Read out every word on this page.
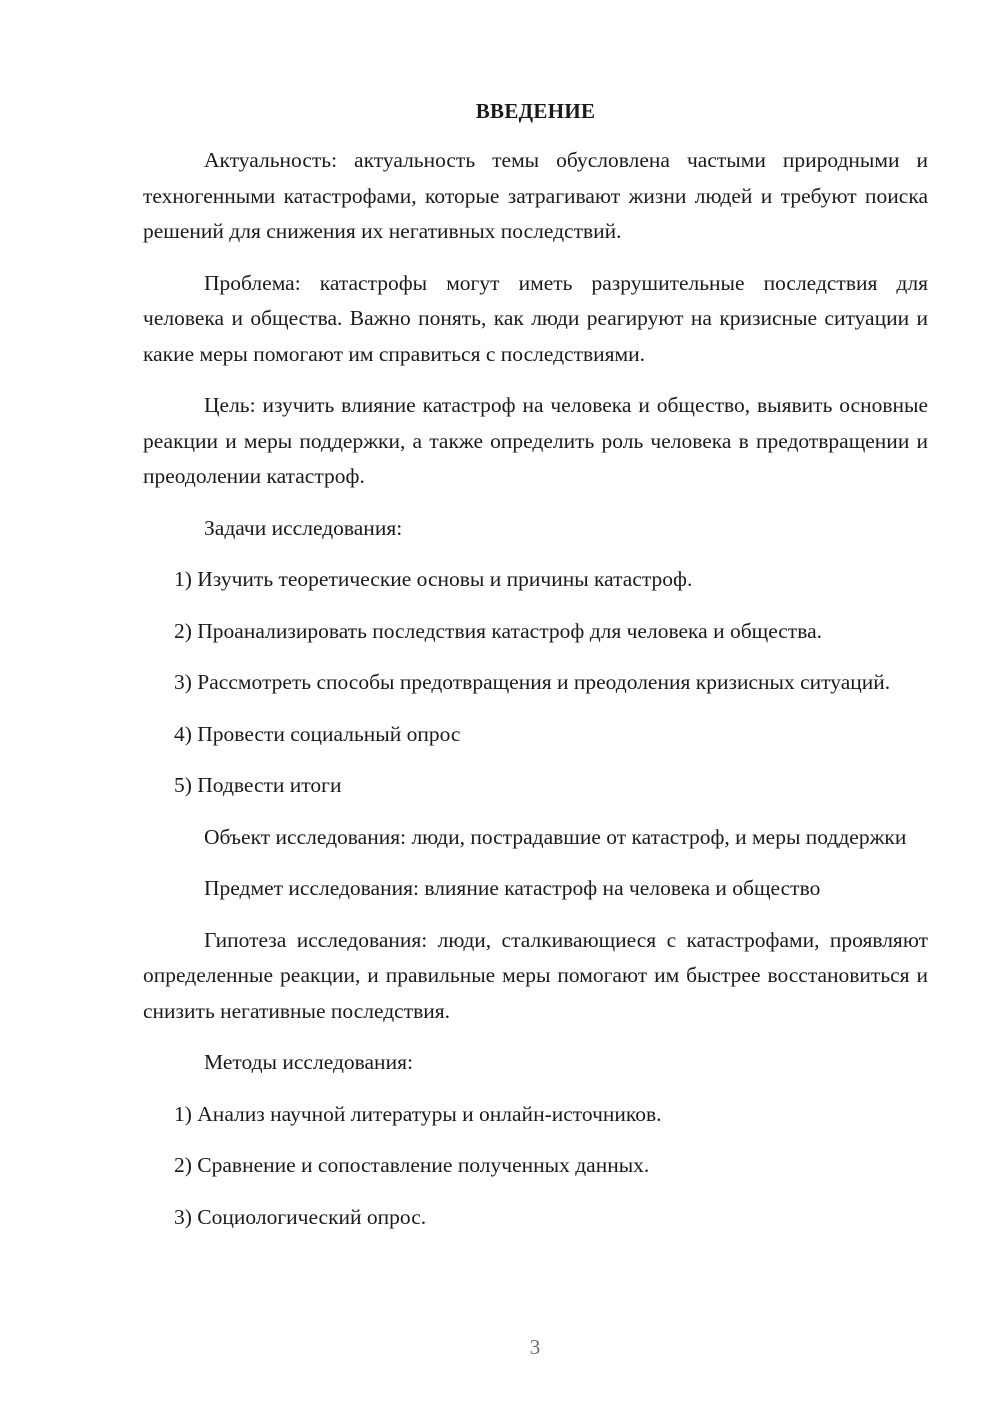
ВВЕДЕНИЕ

Актуальность: актуальность темы обусловлена частыми природными и техногенными катастрофами, которые затрагивают жизни людей и требуют поиска решений для снижения их негативных последствий.

Проблема: катастрофы могут иметь разрушительные последствия для человека и общества. Важно понять, как люди реагируют на кризисные ситуации и какие меры помогают им справиться с последствиями.

Цель: изучить влияние катастроф на человека и общество, выявить основные реакции и меры поддержки, а также определить роль человека в предотвращении и преодолении катастроф.

Задачи исследования:

1) Изучить теоретические основы и причины катастроф.

2) Проанализировать последствия катастроф для человека и общества.

3) Рассмотреть способы предотвращения и преодоления кризисных ситуаций.

4) Провести социальный опрос

5) Подвести итоги

Объект исследования: люди, пострадавшие от катастроф, и меры поддержки

Предмет исследования: влияние катастроф на человека и общество

Гипотеза исследования: люди, сталкивающиеся с катастрофами, проявляют определенные реакции, и правильные меры помогают им быстрее восстановиться и снизить негативные последствия.

Методы исследования:

1) Анализ научной литературы и онлайн-источников.

2) Сравнение и сопоставление полученных данных.

3) Социологический опрос.

3
